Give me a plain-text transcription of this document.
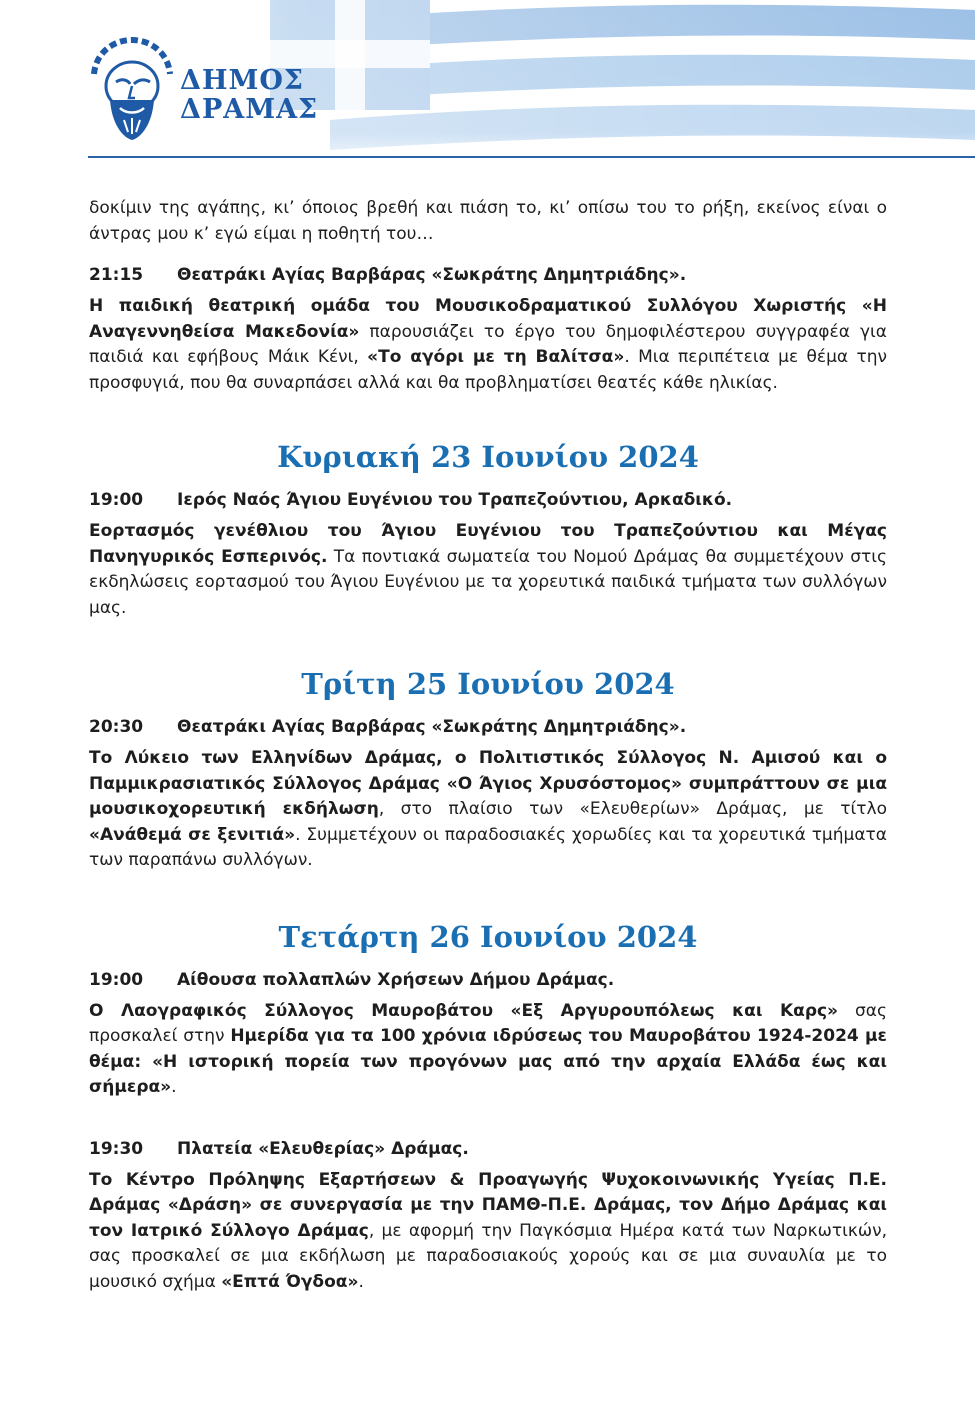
ΔΗΜΟΣ
ΔΡΑΜΑΣ

δοκίμιν της αγάπης, κι’ όποιος βρεθή και πιάση το, κι’ οπίσω του το ρήξη, εκείνος είναι ο άντρας μου κ’ εγώ είμαι η ποθητή του…

21:15 Θεατράκι Αγίας Βαρβάρας «Σωκράτης Δημητριάδης».

Η παιδική θεατρική ομάδα του Μουσικοδραματικού Συλλόγου Χωριστής «Η Αναγεννηθείσα Μακεδονία» παρουσιάζει το έργο του δημοφιλέστερου συγγραφέα για παιδιά και εφήβους Μάικ Κένι, «Το αγόρι με τη Βαλίτσα». Μια περιπέτεια με θέμα την προσφυγιά, που θα συναρπάσει αλλά και θα προβληματίσει θεατές κάθε ηλικίας.

Κυριακή 23 Ιουνίου 2024
19:00 Ιερός Ναός Άγιου Ευγένιου του Τραπεζούντιου, Αρκαδικό.

Εορτασμός γενέθλιου του Άγιου Ευγένιου του Τραπεζούντιου και Μέγας Πανηγυρικός Εσπερινός. Τα ποντιακά σωματεία του Νομού Δράμας θα συμμετέχουν στις εκδηλώσεις εορτασμού του Άγιου Ευγένιου με τα χορευτικά παιδικά τμήματα των συλλόγων μας.

Τρίτη 25 Ιουνίου 2024
20:30 Θεατράκι Αγίας Βαρβάρας «Σωκράτης Δημητριάδης».

Το Λύκειο των Ελληνίδων Δράμας, ο Πολιτιστικός Σύλλογος Ν. Αμισού και ο Παμμικρασιατικός Σύλλογος Δράμας «Ο Άγιος Χρυσόστομος» συμπράττουν σε μια μουσικοχορευτική εκδήλωση, στο πλαίσιο των «Ελευθερίων» Δράμας, με τίτλο «Ανάθεμά σε ξενιτιά». Συμμετέχουν οι παραδοσιακές χορωδίες και τα χορευτικά τμήματα των παραπάνω συλλόγων.

Τετάρτη 26 Ιουνίου 2024
19:00 Αίθουσα πολλαπλών Χρήσεων Δήμου Δράμας.

Ο Λαογραφικός Σύλλογος Μαυροβάτου «Εξ Αργυρουπόλεως και Καρς» σας προσκαλεί στην Ημερίδα για τα 100 χρόνια ιδρύσεως του Μαυροβάτου 1924-2024 με θέμα: «Η ιστορική πορεία των προγόνων μας από την αρχαία Ελλάδα έως και σήμερα».

19:30 Πλατεία «Ελευθερίας» Δράμας.

Το Κέντρο Πρόληψης Εξαρτήσεων & Προαγωγής Ψυχοκοινωνικής Υγείας Π.Ε. Δράμας «Δράση» σε συνεργασία με την ΠΑΜΘ-Π.Ε. Δράμας, τον Δήμο Δράμας και τον Ιατρικό Σύλλογο Δράμας, με αφορμή την Παγκόσμια Ημέρα κατά των Ναρκωτικών, σας προσκαλεί σε μια εκδήλωση με παραδοσιακούς χορούς και σε μια συναυλία με το μουσικό σχήμα «Επτά Όγδοα».
